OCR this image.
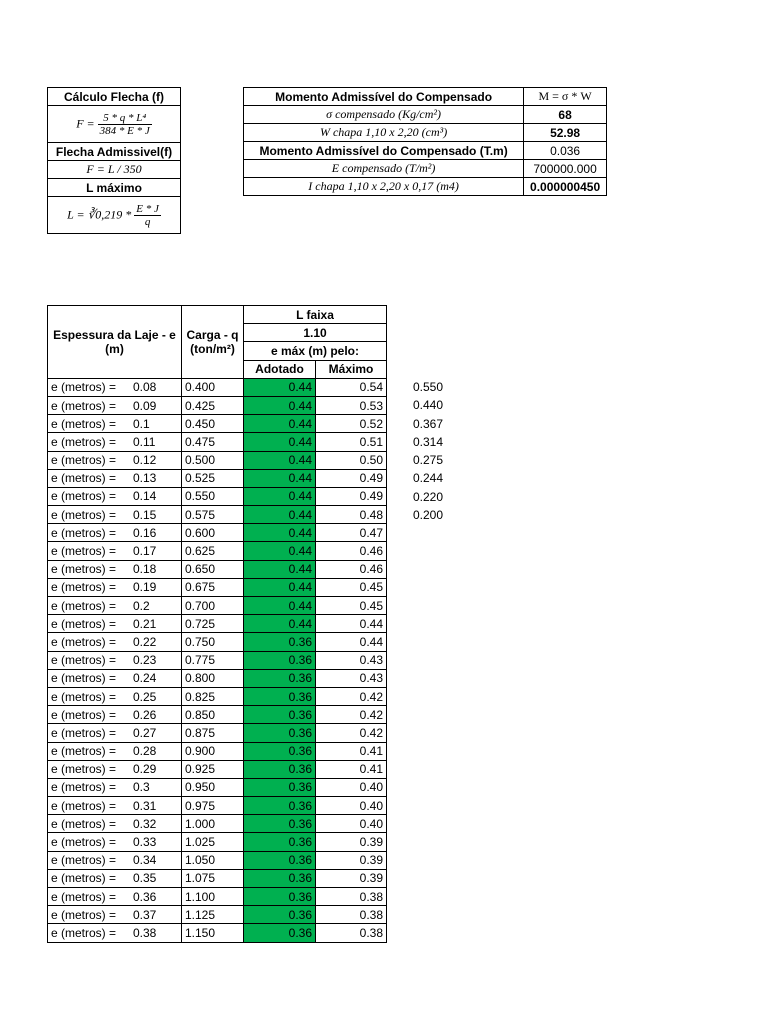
Cálculo Flecha (f)
$F = \frac{\text{5 * q * L⁴}}{384 * E * J}$

Flecha Admissivel(f)
F = L / 350
L máximo
L = ∛0,219 * $\frac{E * J}{q}$
Momento Admissível do Compensado	M = σ * W
σ compensado (Kg/cm²)	68
W chapa 1,10 x 2,20 (cm³)	52.98
Momento Admissível do Compensado (T.m)	0.036
E compensado (T/m²)	700000.000
I chapa 1,10 x 2,20 x 0,17 (m4)	0.000000450
Espessura da Laje - e (m)	Carga - q (ton/m²)	L faixa	
		1.10	
		e máx (m) pelo:	
		Adotado	Máximo
e (metros) = 0.08	0.400	0.44	0.54
e (metros) = 0.09	0.425	0.44	0.53
e (metros) = 0.1	0.450	0.44	0.52
e (metros) = 0.11	0.475	0.44	0.51
e (metros) = 0.12	0.500	0.44	0.50
e (metros) = 0.13	0.525	0.44	0.49
e (metros) = 0.14	0.550	0.44	0.49
e (metros) = 0.15	0.575	0.44	0.48
e (metros) = 0.16	0.600	0.44	0.47
e (metros) = 0.17	0.625	0.44	0.46
e (metros) = 0.18	0.650	0.44	0.46
e (metros) = 0.19	0.675	0.44	0.45
e (metros) = 0.2	0.700	0.44	0.45
e (metros) = 0.21	0.725	0.44	0.44
e (metros) = 0.22	0.750	0.36	0.44
e (metros) = 0.23	0.775	0.36	0.43
e (metros) = 0.24	0.800	0.36	0.43
e (metros) = 0.25	0.825	0.36	0.42
e (metros) = 0.26	0.850	0.36	0.42
e (metros) = 0.27	0.875	0.36	0.42
e (metros) = 0.28	0.900	0.36	0.41
e (metros) = 0.29	0.925	0.36	0.41
e (metros) = 0.3	0.950	0.36	0.40
e (metros) = 0.31	0.975	0.36	0.40
e (metros) = 0.32	1.000	0.36	0.40
e (metros) = 0.33	1.025	0.36	0.39
e (metros) = 0.34	1.050	0.36	0.39
e (metros) = 0.35	1.075	0.36	0.39
e (metros) = 0.36	1.100	0.36	0.38
e (metros) = 0.37	1.125	0.36	0.38
e (metros) = 0.38	1.150	0.36	0.38
0.550
0.440
0.367
0.314
0.275
0.244
0.220
0.200
